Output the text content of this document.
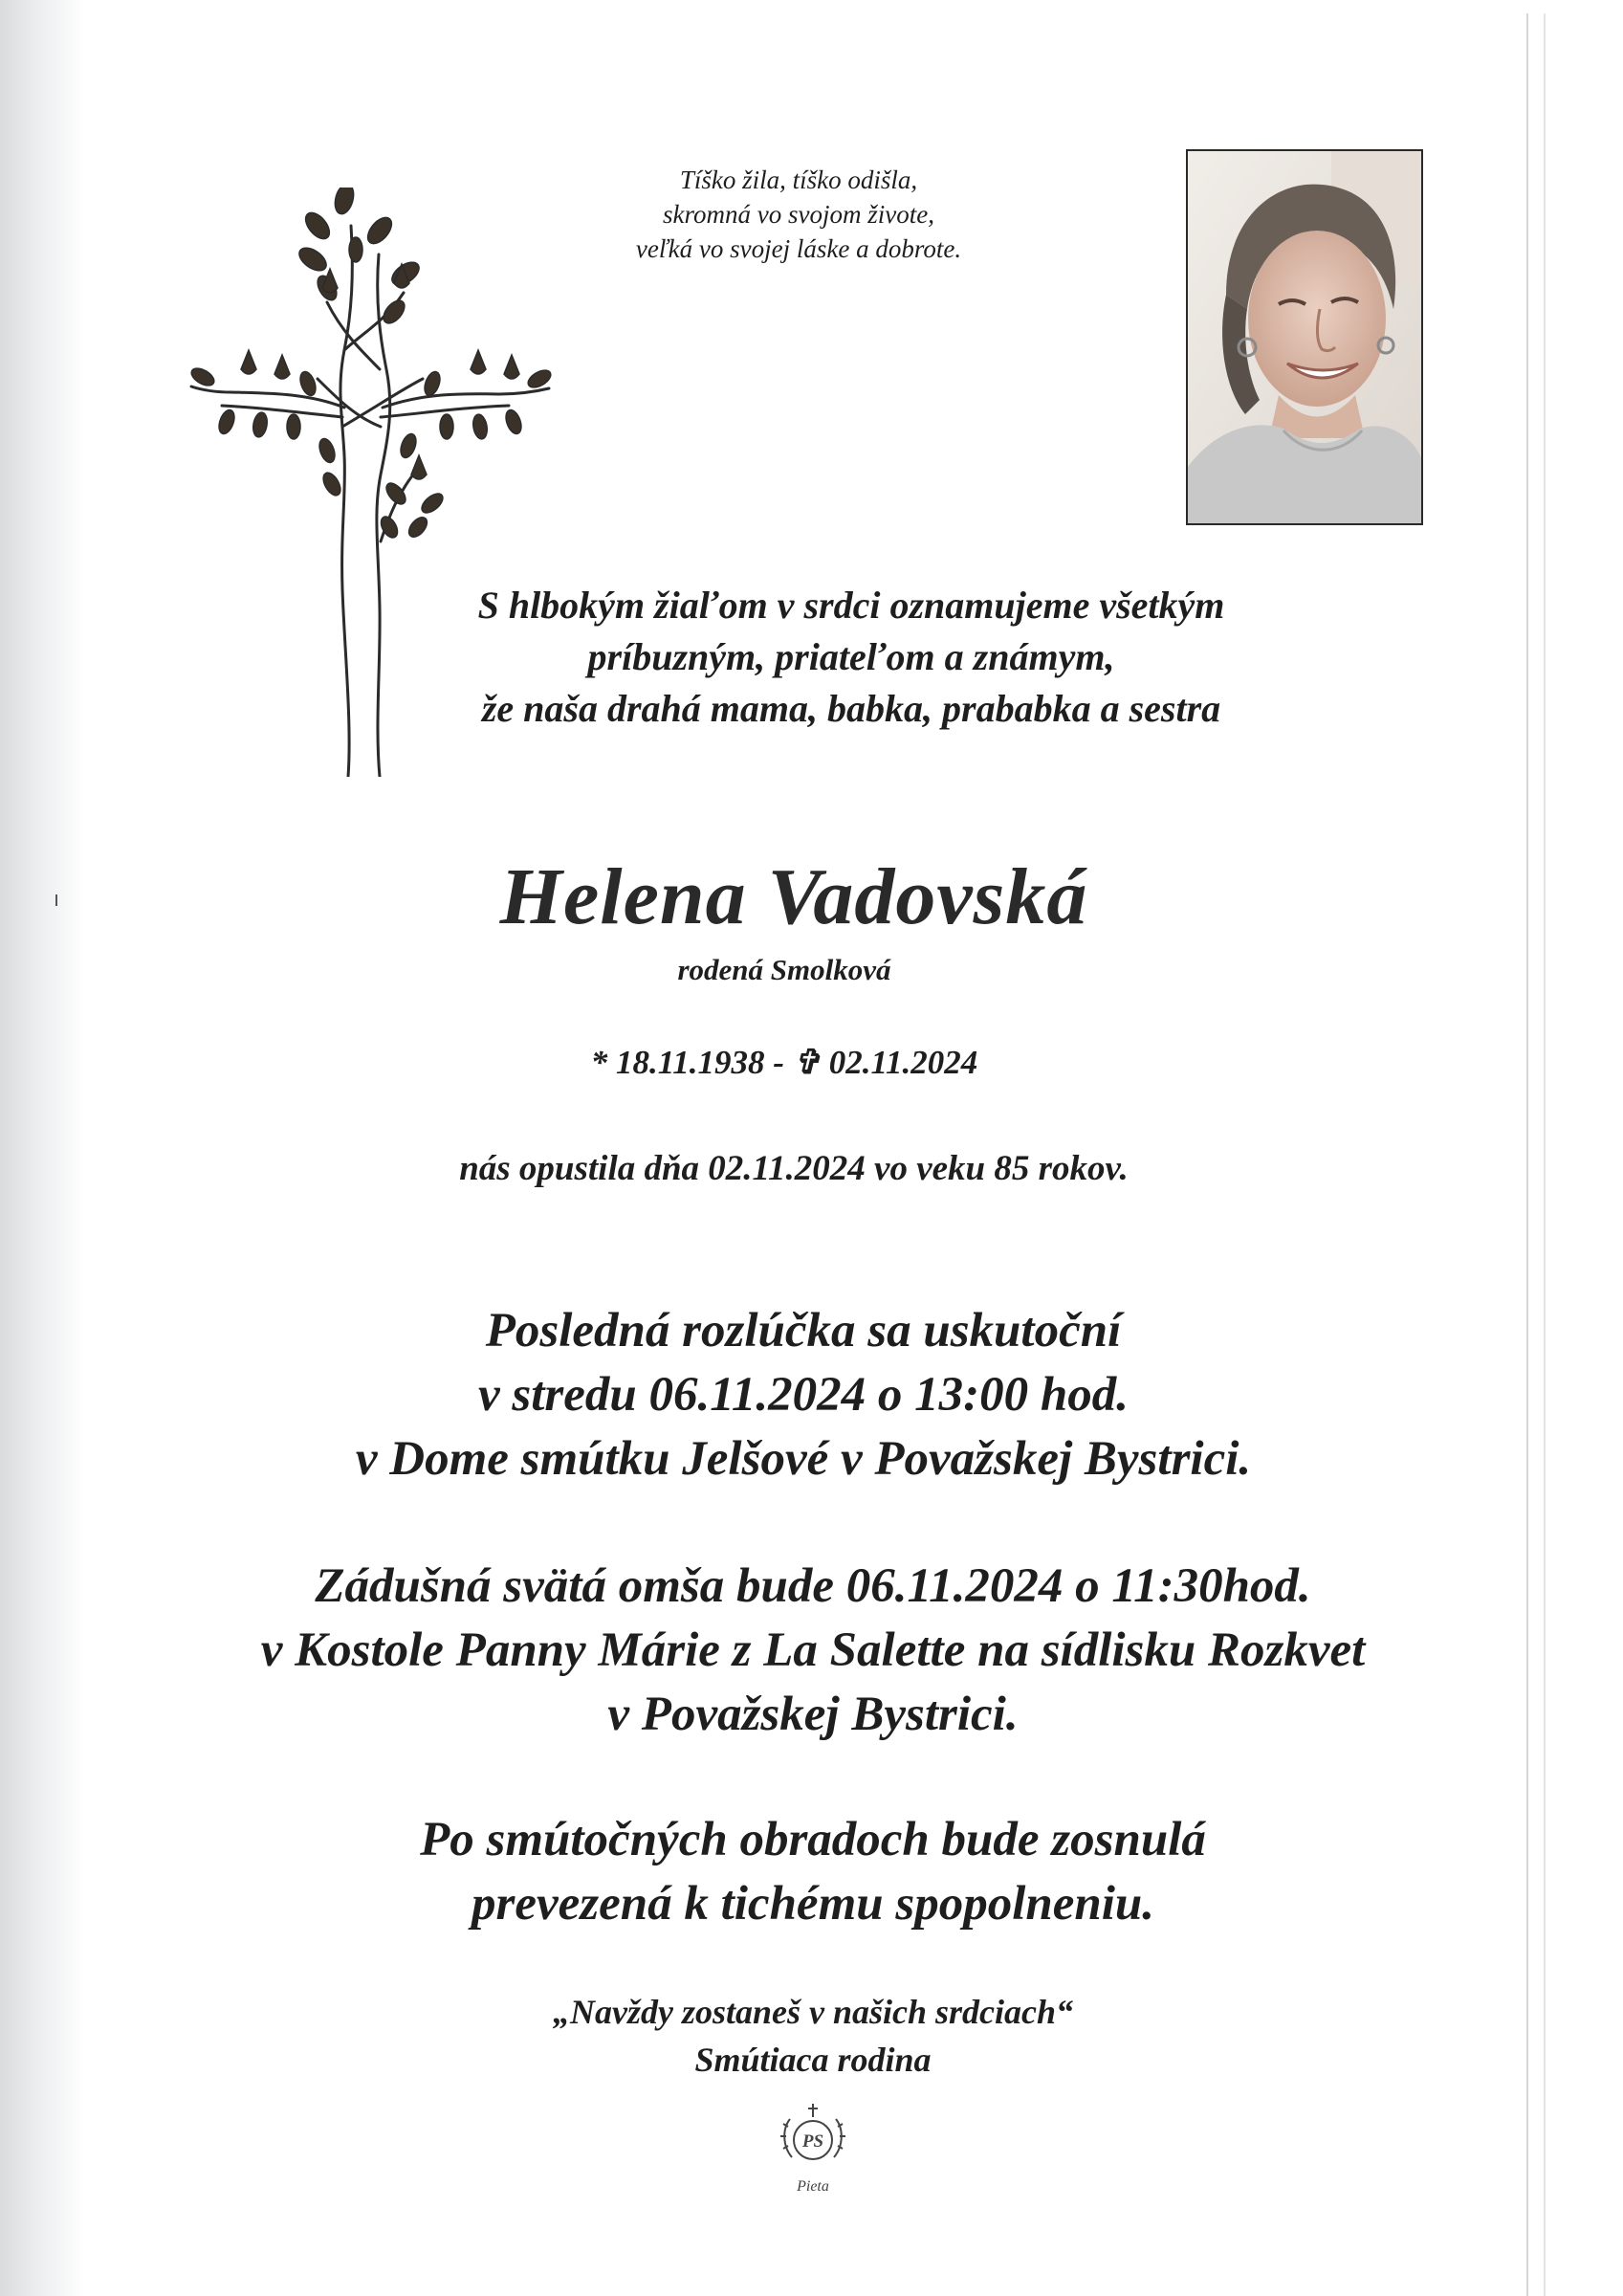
Tíško žila, tíško odišla,
skromná vo svojom živote,
veľká vo svojej láske a dobrote.
S hlbokým žiaľom v srdci oznamujeme všetkým
príbuzným, priateľom a známym,
že naša drahá mama, babka, prababka a sestra
Helena Vadovská
rodená Smolková
* 18.11.1938 - ✞ 02.11.2024
nás opustila dňa 02.11.2024 vo veku 85 rokov.
Posledná rozlúčka sa uskutoční
v stredu 06.11.2024 o 13:00 hod.
v Dome smútku Jelšové v Považskej Bystrici.
Zádušná svätá omša bude 06.11.2024 o 11:30hod.
v Kostole Panny Márie z La Salette na sídlisku Rozkvet
v Považskej Bystrici.
Po smútočných obradoch bude zosnulá
prevezená k tichému spopolneniu.
„Navždy zostaneš v našich srdciach“
Smútiaca rodina
PS
Pieta
